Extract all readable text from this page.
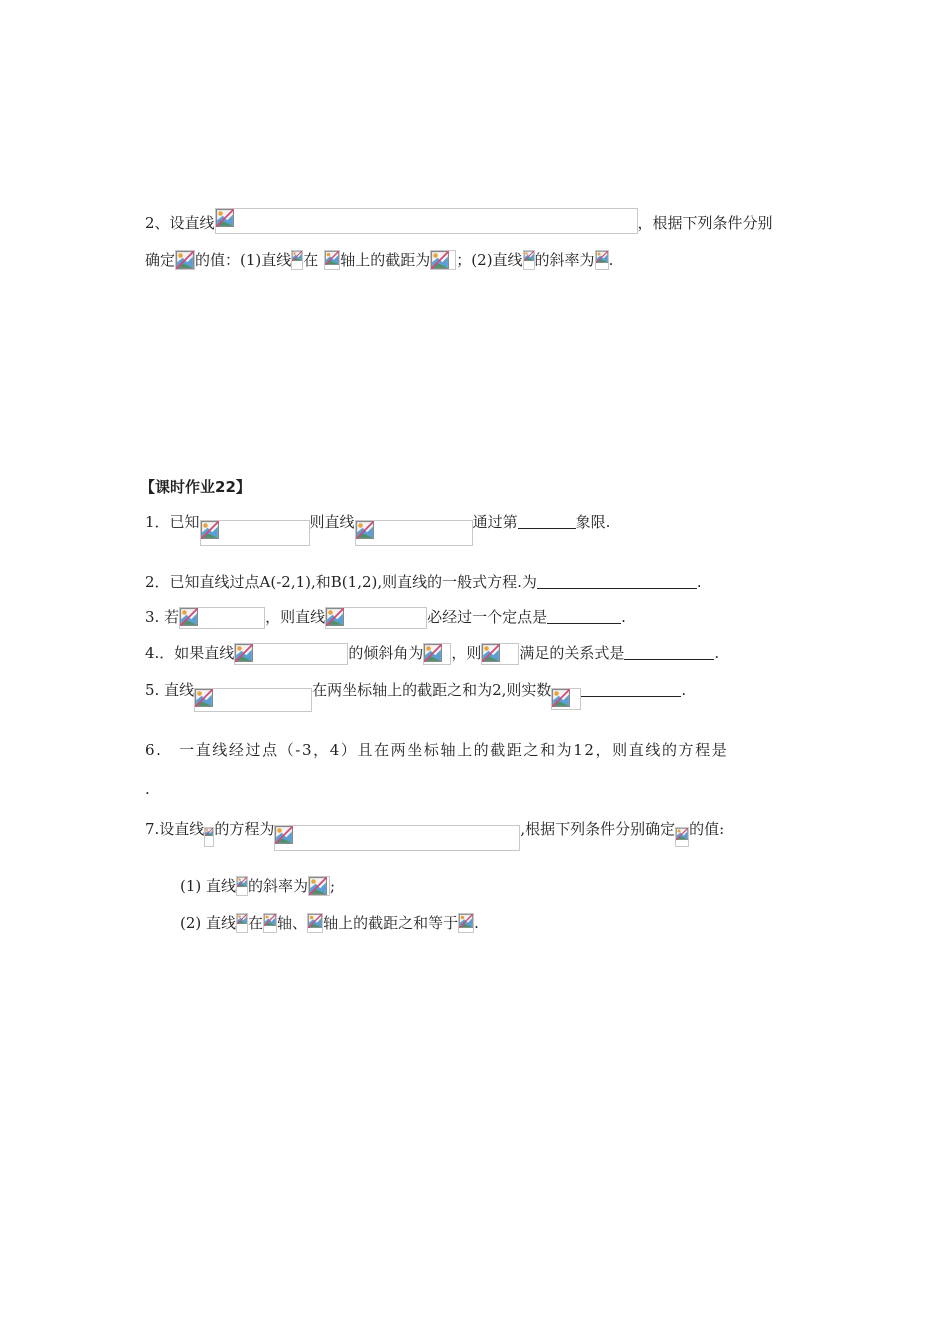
2、设直线	，根据下列条件分别
确定 的值：(1)直线 在 轴上的截距为 ；(2)直线 的斜率为 .
【课时作业22】
1．已知	则直线	通过第	象限.
2．已知直线过点A(-2,1),和B(1,2),则直线的一般式方程.为	.
3. 若	，则直线	必经过一个定点是	.
4.．如果直线	的倾斜角为 ，则	满足的关系式是	.
5. 直线	在两坐标轴上的截距之和为2,则实数	.
6.　一直线经过点（-3，4）且在两坐标轴上的截距之和为12，则直线的方程是
.
7.设直线 的方程为	,根据下列条件分别确定 的值:
(1) 直线 的斜率为 ;
(2) 直线 在 轴、 轴上的截距之和等于 .
